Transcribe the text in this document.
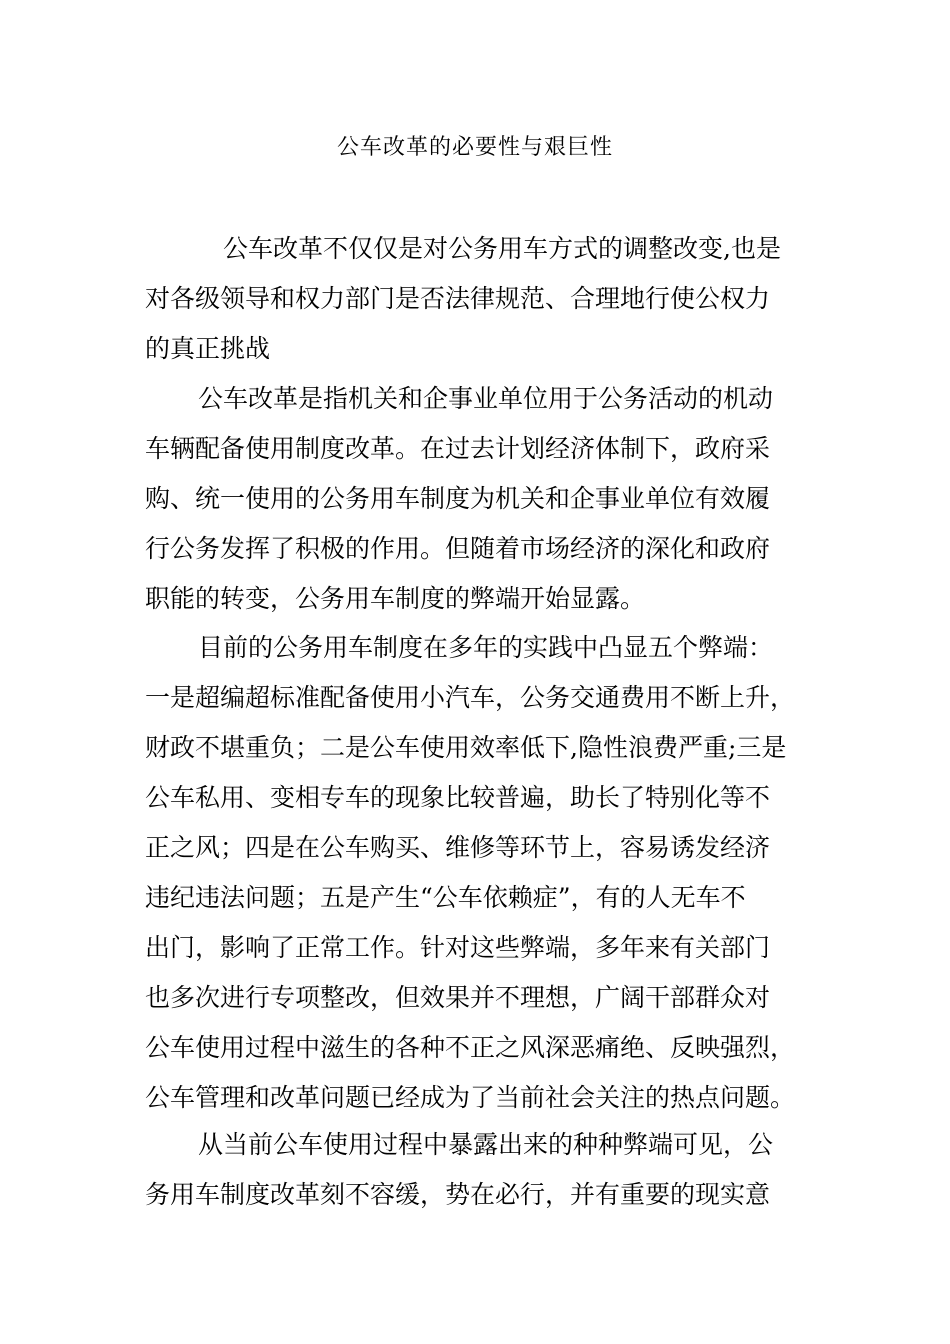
公车改革的必要性与艰巨性
公车改革不仅仅是对公务用车方式的调整改变,也是
对各级领导和权力部门是否法律规范、合理地行使公权力
的真正挑战
公车改革是指机关和企事业单位用于公务活动的机动
车辆配备使用制度改革。在过去计划经济体制下，政府采
购、统一使用的公务用车制度为机关和企事业单位有效履
行公务发挥了积极的作用。但随着市场经济的深化和政府
职能的转变，公务用车制度的弊端开始显露。
目前的公务用车制度在多年的实践中凸显五个弊端：
一是超编超标准配备使用小汽车，公务交通费用不断上升，
财政不堪重负；二是公车使用效率低下,隐性浪费严重;三是
公车私用、变相专车的现象比较普遍，助长了特别化等不
正之风；四是在公车购买、维修等环节上，容易诱发经济
违纪违法问题；五是产生“公车依赖症”，有的人无车不
出门，影响了正常工作。针对这些弊端，多年来有关部门
也多次进行专项整改，但效果并不理想，广阔干部群众对
公车使用过程中滋生的各种不正之风深恶痛绝、反映强烈，
公车管理和改革问题已经成为了当前社会关注的热点问题。
从当前公车使用过程中暴露出来的种种弊端可见，公
务用车制度改革刻不容缓，势在必行，并有重要的现实意
